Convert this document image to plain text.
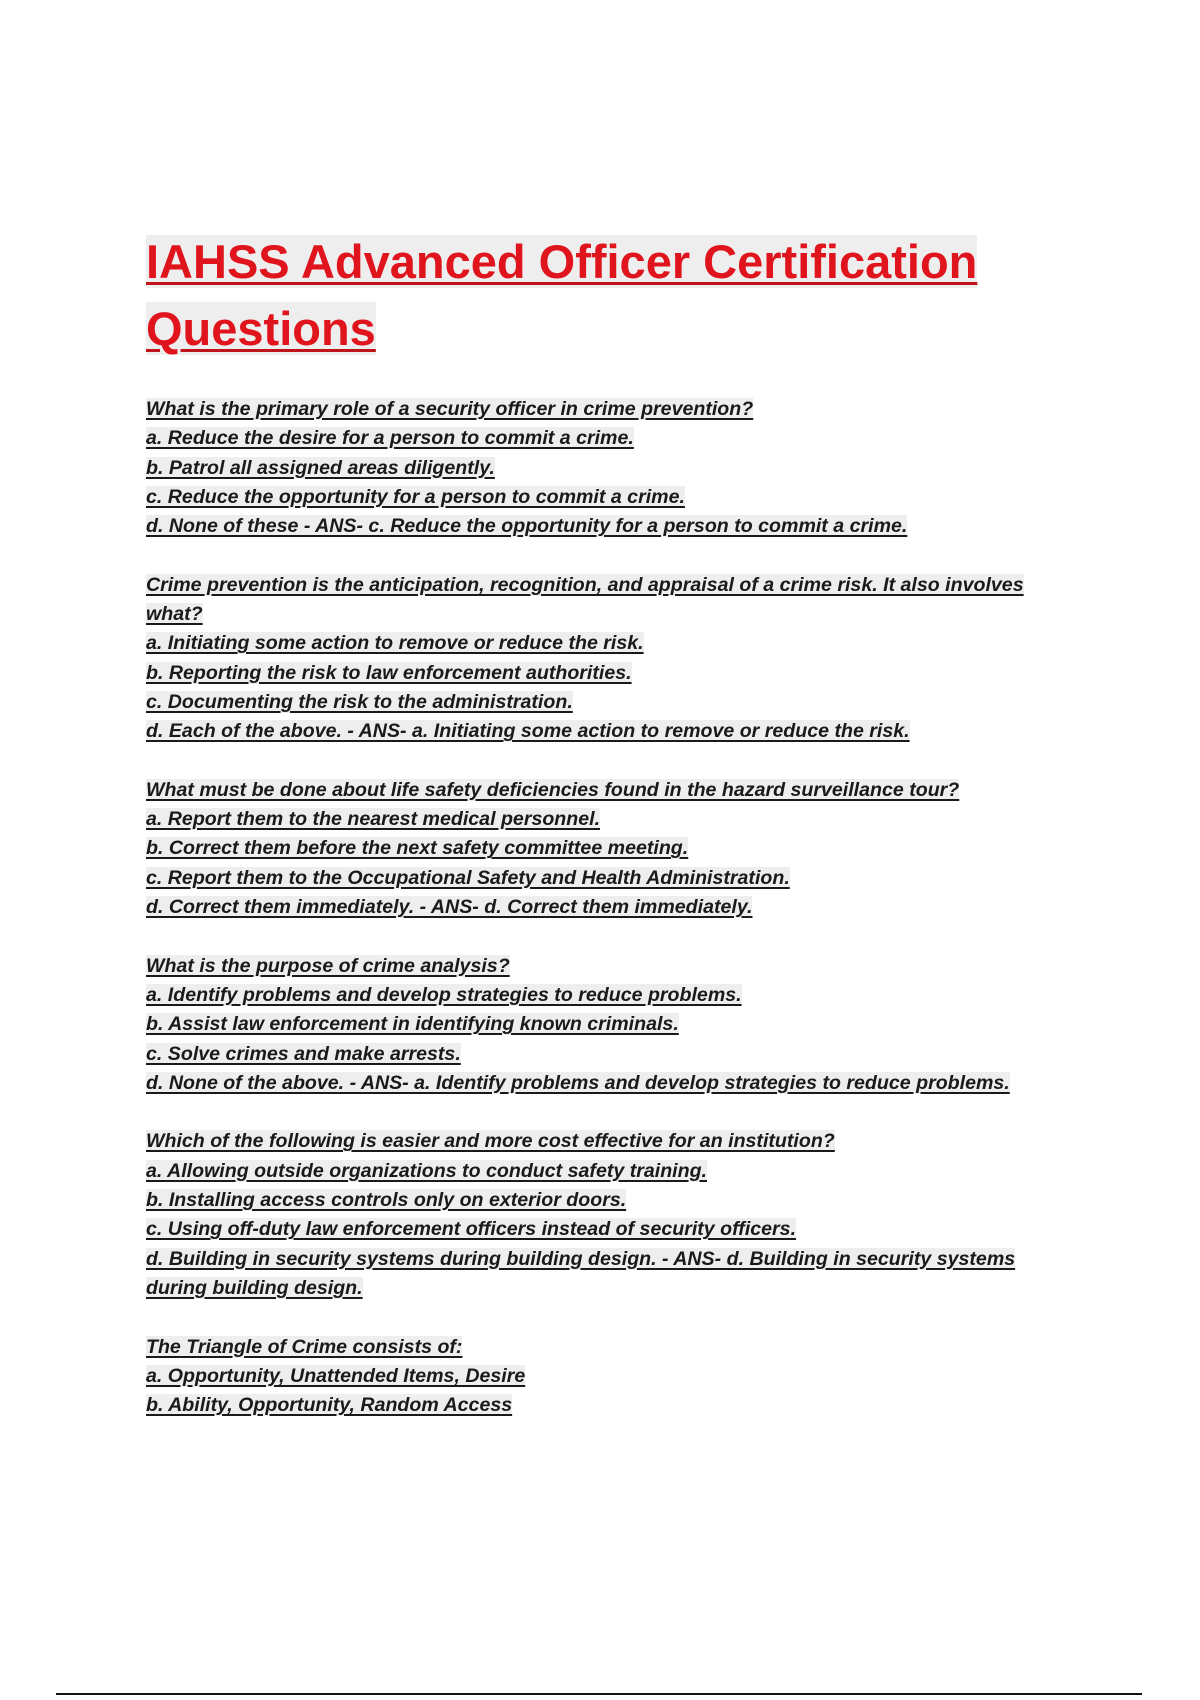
IAHSS Advanced Officer Certification Questions
What is the primary role of a security officer in crime prevention?
a. Reduce the desire for a person to commit a crime.
b. Patrol all assigned areas diligently.
c. Reduce the opportunity for a person to commit a crime.
d. None of these - ANS- c. Reduce the opportunity for a person to commit a crime.
Crime prevention is the anticipation, recognition, and appraisal of a crime risk. It also involves what?
a. Initiating some action to remove or reduce the risk.
b. Reporting the risk to law enforcement authorities.
c. Documenting the risk to the administration.
d. Each of the above. - ANS- a. Initiating some action to remove or reduce the risk.
What must be done about life safety deficiencies found in the hazard surveillance tour?
a. Report them to the nearest medical personnel.
b. Correct them before the next safety committee meeting.
c. Report them to the Occupational Safety and Health Administration.
d. Correct them immediately. - ANS- d. Correct them immediately.
What is the purpose of crime analysis?
a. Identify problems and develop strategies to reduce problems.
b. Assist law enforcement in identifying known criminals.
c. Solve crimes and make arrests.
d. None of the above. - ANS- a. Identify problems and develop strategies to reduce problems.
Which of the following is easier and more cost effective for an institution?
a. Allowing outside organizations to conduct safety training.
b. Installing access controls only on exterior doors.
c. Using off-duty law enforcement officers instead of security officers.
d. Building in security systems during building design. - ANS- d. Building in security systems during building design.
The Triangle of Crime consists of:
a. Opportunity, Unattended Items, Desire
b. Ability, Opportunity, Random Access
